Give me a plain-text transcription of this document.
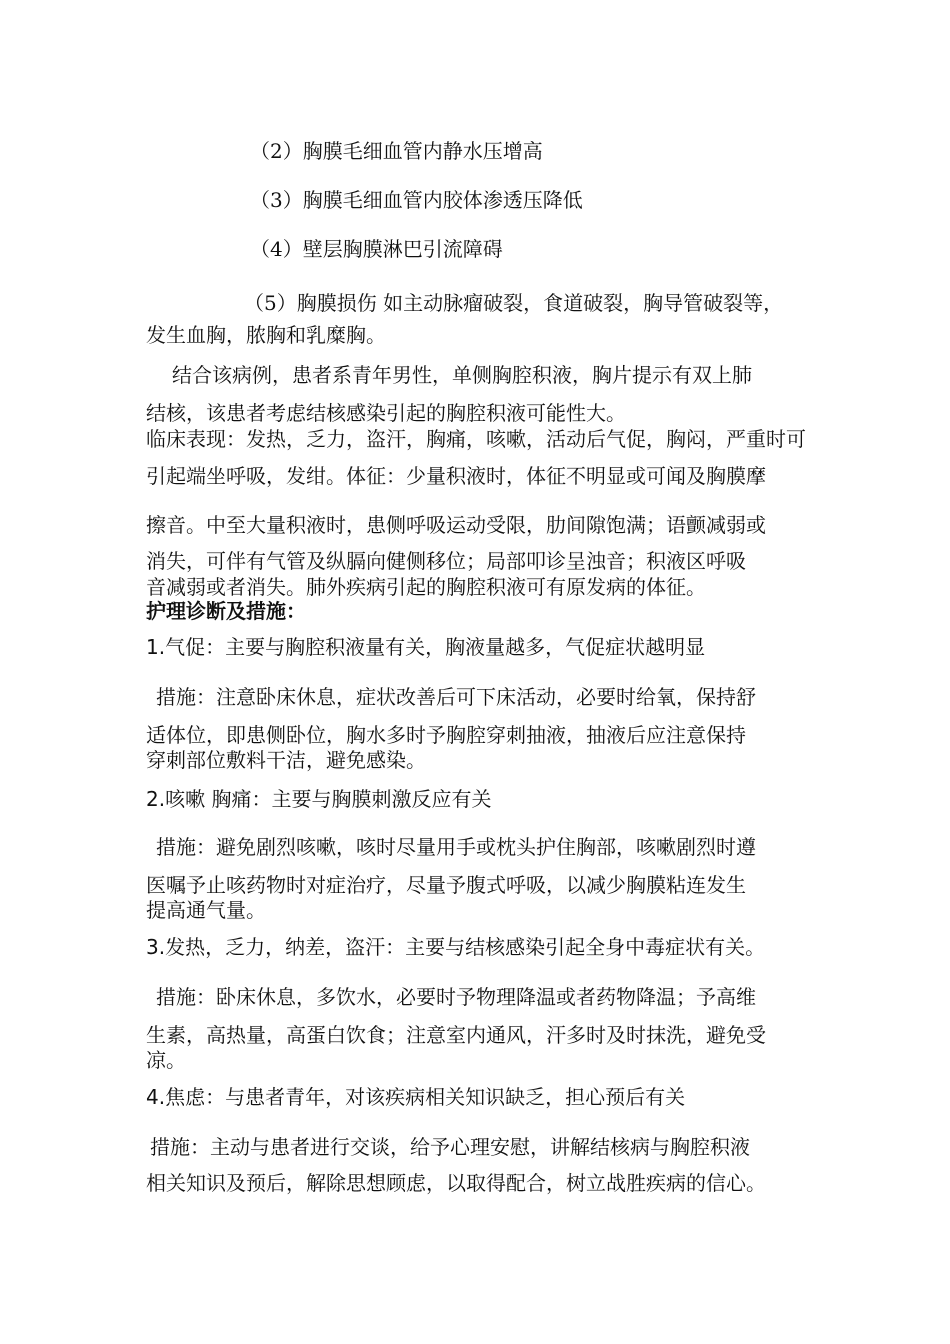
（2）胸膜毛细血管内静水压增高
（3）胸膜毛细血管内胶体渗透压降低
（4）壁层胸膜淋巴引流障碍
（5）胸膜损伤 如主动脉瘤破裂，食道破裂，胸导管破裂等，
发生血胸，脓胸和乳糜胸。
结合该病例，患者系青年男性，单侧胸腔积液，胸片提示有双上肺
结核，该患者考虑结核感染引起的胸腔积液可能性大。
临床表现：发热，乏力，盗汗，胸痛，咳嗽，活动后气促，胸闷，严重时可
引起端坐呼吸，发绀。体征：少量积液时，体征不明显或可闻及胸膜摩
擦音。中至大量积液时，患侧呼吸运动受限，肋间隙饱满；语颤减弱或
消失，可伴有气管及纵膈向健侧移位；局部叩诊呈浊音；积液区呼吸
音减弱或者消失。肺外疾病引起的胸腔积液可有原发病的体征。
护理诊断及措施：
1.气促：主要与胸腔积液量有关，胸液量越多，气促症状越明显
措施：注意卧床休息，症状改善后可下床活动，必要时给氧，保持舒
适体位，即患侧卧位，胸水多时予胸腔穿刺抽液，抽液后应注意保持
穿刺部位敷料干洁，避免感染。
2.咳嗽 胸痛：主要与胸膜刺激反应有关
措施：避免剧烈咳嗽，咳时尽量用手或枕头护住胸部，咳嗽剧烈时遵
医嘱予止咳药物时对症治疗，尽量予腹式呼吸，以减少胸膜粘连发生
提高通气量。
3.发热，乏力，纳差，盗汗：主要与结核感染引起全身中毒症状有关。
措施：卧床休息，多饮水，必要时予物理降温或者药物降温；予高维
生素，高热量，高蛋白饮食；注意室内通风，汗多时及时抹洗，避免受
凉。
4.焦虑：与患者青年，对该疾病相关知识缺乏，担心预后有关
措施：主动与患者进行交谈，给予心理安慰，讲解结核病与胸腔积液
相关知识及预后，解除思想顾虑，以取得配合，树立战胜疾病的信心。
